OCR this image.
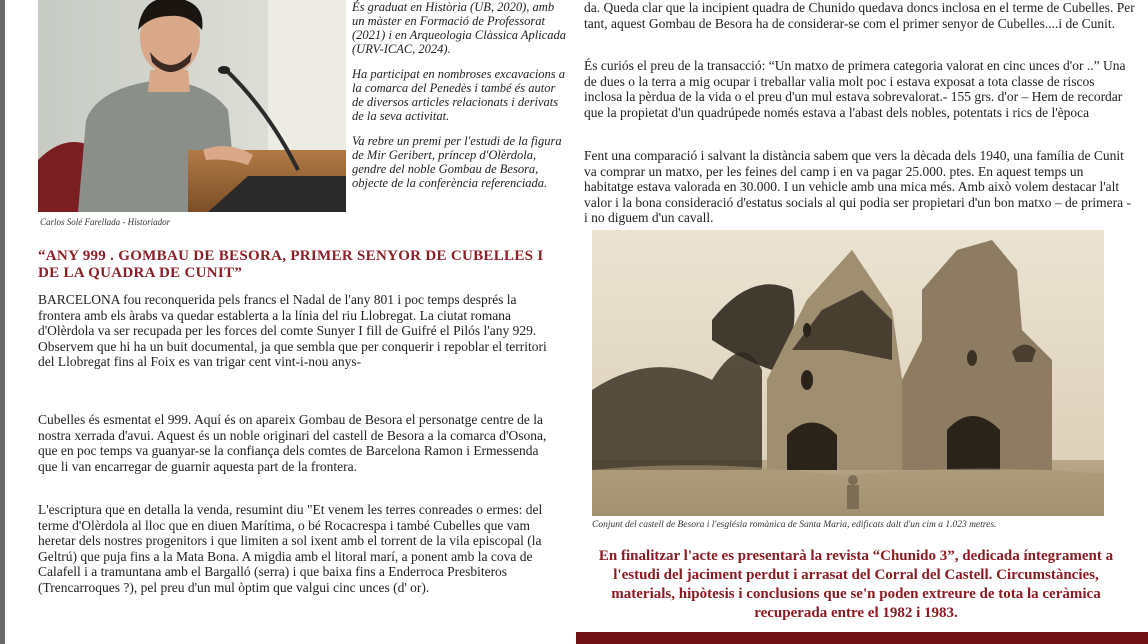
Carlos Solé Farellada - Historiador

És graduat en Història (UB, 2020), amb un màster en Formació de Professorat (2021) i en Arqueologia Clàssica Aplicada (URV-ICAC, 2024).

Ha participat en nombroses excavacions a la comarca del Penedès i també és autor de diversos articles relacionats i derivats de la seva activitat.

Va rebre un premi per l'estudi de la figura de Mir Geribert, príncep d'Olèrdola, gendre del noble Gombau de Besora, objecte de la conferència referenciada.

“ANY 999 . GOMBAU DE BESORA, PRIMER SENYOR DE CUBELLES I DE LA QUADRA DE CUNIT”

BARCELONA fou reconquerida pels francs el Nadal de l'any 801 i poc temps després la frontera amb els àrabs va quedar establerta a la línia del riu Llobregat. La ciutat romana d'Olèrdola va ser recupada per les forces del comte Sunyer I fill de Guifré el Pilós l'any 929. Observem que hi ha un buit documental, ja que sembla que per conquerir i repoblar el territori del Llobregat fins al Foix es van trigar cent vint-i-nou anys-

Cubelles és esmentat el 999. Aquí és on apareix Gombau de Besora el personatge centre de la nostra xerrada d'avui. Aquest és un noble originari del castell de Besora a la comarca d'Osona, que en poc temps va guanyar-se la confiança dels comtes de Barcelona Ramon i Ermessenda que li van encarregar de guarnir aquesta part de la frontera.

L'escriptura que en detalla la venda, resumint diu "Et venem les terres conreades o ermes: del terme d'Olèrdola al lloc que en diuen Marítima, o bé Rocacrespa i també Cubelles que vam heretar dels nostres progenitors i que limiten a sol ixent amb el torrent de la vila episcopal (la Geltrú) que puja fins a la Mata Bona. A migdia amb el litoral marí, a ponent amb la cova de Calafell i a tramuntana amb el Bargalló (serra) i que baixa fins a Enderroca Presbiteros (Trencarroques ?), pel preu d'un mul òptim que valgui cinc unces (d' or).

da. Queda clar que la incipient quadra de Chunido quedava doncs inclosa en el terme de Cubelles. Per tant, aquest Gombau de Besora ha de considerar-se com el primer senyor de Cubelles....i de Cunit.

És curiós el preu de la transacció: “Un matxo de primera categoria valorat en cinc unces d'or ..” Una de dues o la terra a mig ocupar i treballar valia molt poc i estava exposat a tota classe de riscos inclosa la pèrdua de la vida o el preu d'un mul estava sobrevalorat.- 155 grs. d'or – Hem de recordar que la propietat d'un quadrúpede només estava a l'abast dels nobles, potentats i rics de l'època

Fent una comparació i salvant la distància sabem que vers la dècada dels 1940, una família de Cunit va comprar un matxo, per les feines del camp i en va pagar 25.000. ptes. En aquest temps un habitatge estava valorada en 30.000. I un vehicle amb una mica més. Amb això volem destacar l'alt valor i la bona consideració d'estatus socials al qui podia ser propietari d'un bon matxo – de primera - i no diguem d'un cavall.

Conjunt del castell de Besora i l'església romànica de Santa Maria, edificats dalt d'un cim a 1.023 metres.
En finalitzar l'acte es presentarà la revista “Chunido 3”, dedicada íntegrament a l'estudi del jaciment perdut i arrasat del Corral del Castell. Circumstàncies, materials, hipòtesis i conclusions que se'n poden extreure de tota la ceràmica recuperada entre el 1982 i 1983.
